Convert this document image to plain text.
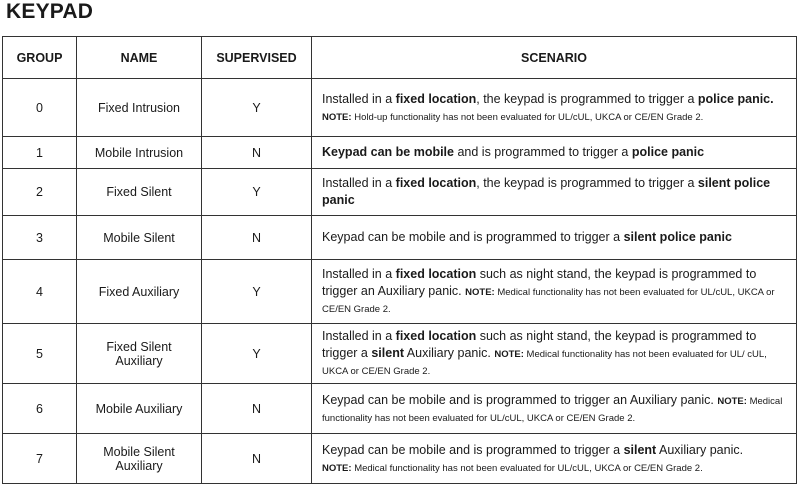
KEYPAD
GROUP	NAME	SUPERVISED	SCENARIO
0	Fixed Intrusion	Y	Installed in a fixed location, the keypad is programmed to trigger a police panic.
NOTE: Hold-up functionality has not been evaluated for UL/cUL, UKCA or CE/EN Grade 2.
1	Mobile Intrusion	N	Keypad can be mobile and is programmed to trigger a police panic
2	Fixed Silent	Y	Installed in a fixed location, the keypad is programmed to trigger a silent police panic
3	Mobile Silent	N	Keypad can be mobile and is programmed to trigger a silent police panic
4	Fixed Auxiliary	Y	Installed in a fixed location such as night stand, the keypad is programmed to trigger an Auxiliary panic. NOTE: Medical functionality has not been evaluated for UL/cUL, UKCA or CE/EN Grade 2.
5	Fixed Silent Auxiliary	Y	Installed in a fixed location such as night stand, the keypad is programmed to trigger a silent Auxiliary panic. NOTE: Medical functionality has not been evaluated for UL/ cUL, UKCA or CE/EN Grade 2.
6	Mobile Auxiliary	N	Keypad can be mobile and is programmed to trigger an Auxiliary panic. NOTE: Medical functionality has not been evaluated for UL/cUL, UKCA or CE/EN Grade 2.
7	Mobile Silent Auxiliary	N	Keypad can be mobile and is programmed to trigger a silent Auxiliary panic.
NOTE: Medical functionality has not been evaluated for UL/cUL, UKCA or CE/EN Grade 2.
